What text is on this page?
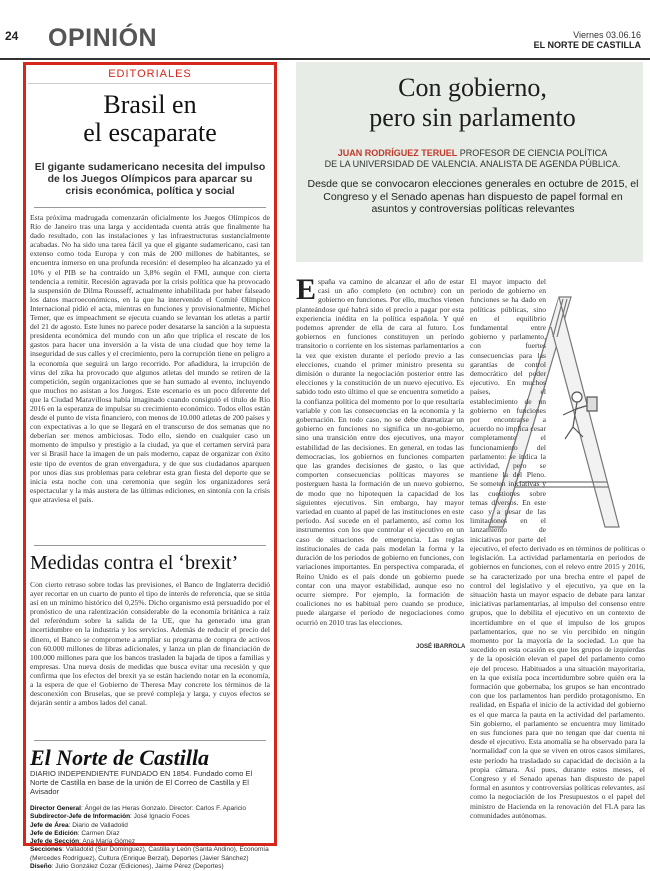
24 OPINIÓN	Viernes 03.06.16
EL NORTE DE CASTILLA
EDITORIALES
Brasil en
el escaparate
El gigante sudamericano necesita del impulso de los Juegos Olímpicos para aparcar su crisis económica, política y social
Esta próxima madrugada comenzarán oficialmente los Juegos Olímpicos de Río de Janeiro tras una larga y accidentada cuenta atrás que finalmente ha dado resultado, con las instalaciones y las infraestructuras sustancialmente acabadas. No ha sido una tarea fácil ya que el gigante sudamericano, casi tan extenso como toda Europa y con más de 200 millones de habitantes, se encuentra inmerso en una profunda recesión: el desempleo ha alcanzado ya el 10% y el PIB se ha contraído un 3,8% según el FMI, aunque con cierta tendencia a remitir. Recesión agravada por la crisis política que ha provocado la suspensión de Dilma Rousseff, actualmente inhabilitada por haber falseado los datos macroeconómicos, en la que ha intervenido el Comité Olímpico Internacional pidió el acta, mientras en funciones y provisionalmente, Michel Temer, que es impeachment se ejecuta cuando se levantan los atletas a partir del 21 de agosto. Este lunes no parece poder desatarse la sanción a la supuesta presidenta económica del mundo con un año que triplica el rescate de los gastos para hacer una inversión a la vista de una ciudad que hoy teme la inseguridad de sus calles y el crecimiento, pero la corrupción tiene en peligro a la economía que seguirá un largo recorrido. Por añadidura, la irrupción de virus del zika ha provocado que algunos atletas del mundo se retiren de la competición, según organizaciones que se han sumado al evento, incluyendo que muchos no asistan a los Juegos. Este escenario es un poco diferente del que la Ciudad Maravillosa había imaginado cuando consiguió el título de Río 2016 en la esperanza de impulsar su crecimiento económico. Todos ellos están desde el punto de vista financiero, con menos de 10.000 atletas de 200 países y con expectativas a lo que se llegará en el transcurso de dos semanas que no deberían ser menos ambiciosas. Todo ello, siendo en cualquier caso un momento de impulso y prestigio a la ciudad, ya que el certamen servirá para ver si Brasil hace la imagen de un país moderno, capaz de organizar con éxito este tipo de eventos de gran envergadura, y de que sus ciudadanos aparquen por unos días sus problemas para celebrar esta gran fiesta del deporte que se inicia esta noche con una ceremonia que según los organizadores será espectacular y la más austera de las últimas ediciones, en sintonía con la crisis que atraviesa el país.
Medidas contra el ‘brexit’
Con cierto retraso sobre todas las previsiones, el Banco de Inglaterra decidió ayer recortar en un cuarto de punto el tipo de interés de referencia, que se sitúa así en un mínimo histórico del 0,25%. Dicho organismo está persuadido por el pronóstico de una ralentización considerable de la economía británica a raíz del referéndum sobre la salida de la UE, que ha generado una gran incertidumbre en la industria y los servicios. Además de reducir el precio del dinero, el Banco se compromete a ampliar su programa de compra de activos con 60.000 millones de libras adicionales, y lanza un plan de financiación de 100.000 millones para que los bancos trasladen la bajada de tipos a familias y empresas. Una nueva dosis de medidas que busca evitar una recesión y que confirma que los efectos del brexit ya se están haciendo notar en la economía, a la espera de que el Gobierno de Theresa May concrete los términos de la desconexión con Bruselas, que se prevé compleja y larga, y cuyos efectos se dejarán sentir a ambos lados del canal.
El Norte de Castilla
DIARIO INDEPENDIENTE FUNDADO EN 1854. Fundado como El Norte de Castilla en base de la unión de El Correo de Castilla y El Avisador
Director General: Ángel de las Heras Gonzalo. Director: Carlos F. Aparicio
Subdirector-Jefe de Información: José Ignacio Foces
Jefe de Área: Diario de Valladolid
Jefe de Edición: Carmen Díaz
Jefe de Sección: Ana María Gómez
Secciones: Valladolid (Sur Domínguez), Castilla y León (Santa Andino), Economía (Mercedes Rodríguez), Cultura (Enrique Berzal), Deportes (Javier Sánchez)
Diseño: Julio González Cozar (Ediciones), Jaime Pérez (Deportes)
Con gobierno,
pero sin parlamento
JUAN RODRÍGUEZ TERUEL PROFESOR DE CIENCIA POLÍTICA
DE LA UNIVERSIDAD DE VALENCIA. ANALISTA DE AGENDA PÚBLICA.
Desde que se convocaron elecciones generales en octubre de 2015, el Congreso y el Senado apenas han dispuesto de papel formal en asuntos y controversias políticas relevantes
E spaña va camino de alcanzar el año de estar casi un año completo (en octubre) con un gobierno en funciones. Por ello, muchos vienen planteándose qué habrá sido el precio a pagar por esta experiencia inédita en la política española. Y qué podemos aprender de ella de cara al futuro. Los gobiernos en funciones constituyen un período transitorio o corriente en los sistemas parlamentarios a la vez que existen durante el período previo a las elecciones, cuando el primer ministro presenta su dimisión o durante la negociación posterior entre las elecciones y la constitución de un nuevo ejecutivo. Es sabido todo esto último el que se encuentra sometido a la confianza política del momento por lo que resultaría variable y con las consecuencias en la economía y la gobernación. En todo caso, no se debe dramatizar un gobierno en funciones no significa un no-gobierno, sino una transición entre dos ejecutivos, una mayor estabilidad de las decisiones. En general, en todas las democracias, los gobiernos en funciones comparten que las grandes decisiones de gasto, o las que comporten consecuencias políticas mayores se posterguen hasta la formación de un nuevo gobierno, de modo que no hipotequen la capacidad de los siguientes ejecutivos. Sin embargo, hay mayor variedad en cuanto al papel de las instituciones en este período. Así sucede en el parlamento, así como los instrumentos con los que controlar el ejecutivo en un caso de situaciones de emergencia. Las reglas institucionales de cada país modelan la forma y la duración de los periodos de gobierno en funciones, con variaciones importantes. En perspectiva comparada, el Reino Unido es el país donde un gobierno puede contar con una mayor estabilidad, aunque eso no ocurre siempre. Por ejemplo, la formación de coaliciones no es habitual pero cuando se produce, puede alargarse el período de negociaciones como ocurrió en 2010 tras las elecciones.
El mayor impacto del periodo de gobierno en funciones se ha dado en políticas públicas, sino en el equilibrio fundamental entre gobierno y parlamento, con fuertes consecuencias para las garantías de control democrático del poder ejecutivo. En muchos países, el establecimiento de un gobierno en funciones por encontrarse a acuerdo no implica cesar completamente el funcionamiento del parlamento: se indica la actividad, pero se mantiene la del Pleno. Se someten iniciativas y las cuestiones sobre temas diversos. En este caso y a pesar de las limitaciones en el lanzamiento de iniciativas por parte del ejecutivo, el efecto derivado es en términos de políticas o legislación. La actividad parlamentaria en periodos de gobiernos en funciones, con el relevo entre 2015 y 2016, se ha caracterizado por una brecha entre el papel de control del legislativo y el ejecutivo, ya que en la situación hasta un mayor espacio de debate para lanzar iniciativas parlamentarias, al impulso del consenso entre grupos, que lo debilita el ejecutivo en un contexto de incertidumbre en el que el impulso de los grupos parlamentarios, que no se vio percibido en ningún momento por la mayoría de la sociedad. Lo que ha sucedido en esta ocasión es que los grupos de izquierdas y de la oposición elevan el papel del parlamento como eje del proceso. Habituados a una situación mayoritaria, en la que existía poca incertidumbre sobre quién era la formación que gobernaba, los grupos se han encontrado con que los parlamentos han perdido protagonismo. En realidad, en España el inicio de la actividad del gobierno es el que marca la pauta en la actividad del parlamento. Sin gobierno, el parlamento se encuentra muy limitado en sus funciones para que no tengan que dar cuenta ni desde el ejecutivo. Esta anomalía se ha observado para la 'normalidad' con la que se viven en otros casos similares, este período ha trasladado su capacidad de decisión a la propia cámara. Así pues, durante estos meses, el Congreso y el Senado apenas han dispuesto de papel formal en asuntos y controversias políticas relevantes, así como la negociación de los Presupuestos o el papel del ministro de Hacienda en la renovación del FLA para las comunidades autónomas.
JOSÉ IBARROLA
